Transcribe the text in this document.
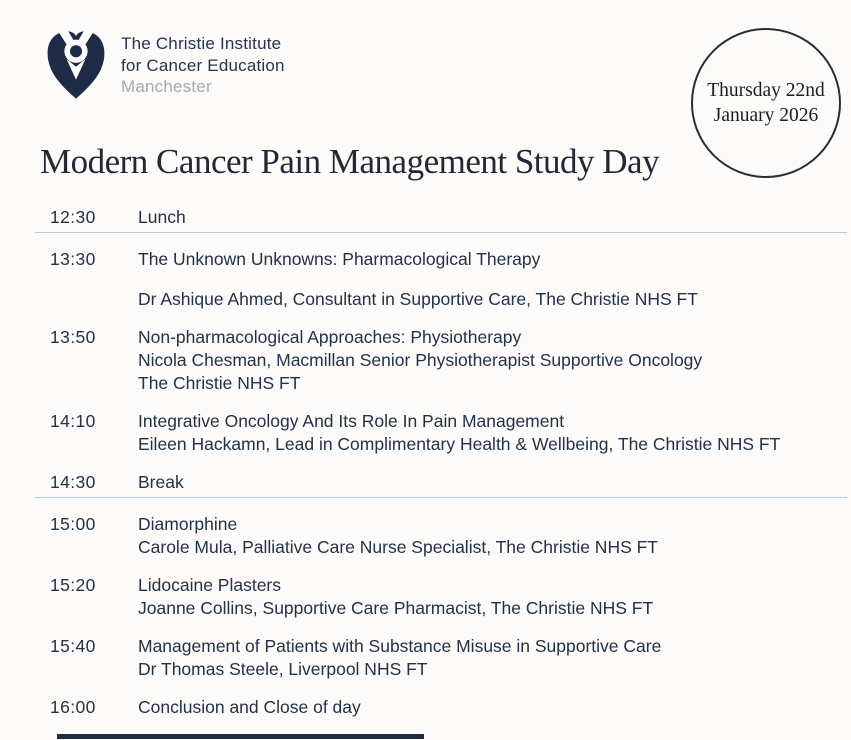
The Christie Institute
for Cancer Education
Manchester	Thursday 22nd
January 2026
Modern Cancer Pain Management Study Day
12:30	Lunch
13:30	The Unknown Unknowns: Pharmacological Therapy
Dr Ashique Ahmed, Consultant in Supportive Care, The Christie NHS FT
13:50	Non-pharmacological Approaches: Physiotherapy
Nicola Chesman, Macmillan Senior Physiotherapist Supportive Oncology
The Christie NHS FT
14:10	Integrative Oncology And Its Role In Pain Management
Eileen Hackamn, Lead in Complimentary Health & Wellbeing, The Christie NHS FT
14:30	Break
15:00	Diamorphine
Carole Mula, Palliative Care Nurse Specialist, The Christie NHS FT
15:20	Lidocaine Plasters
Joanne Collins, Supportive Care Pharmacist, The Christie NHS FT
15:40	Management of Patients with Substance Misuse in Supportive Care
Dr Thomas Steele, Liverpool NHS FT
16:00	Conclusion and Close of day
